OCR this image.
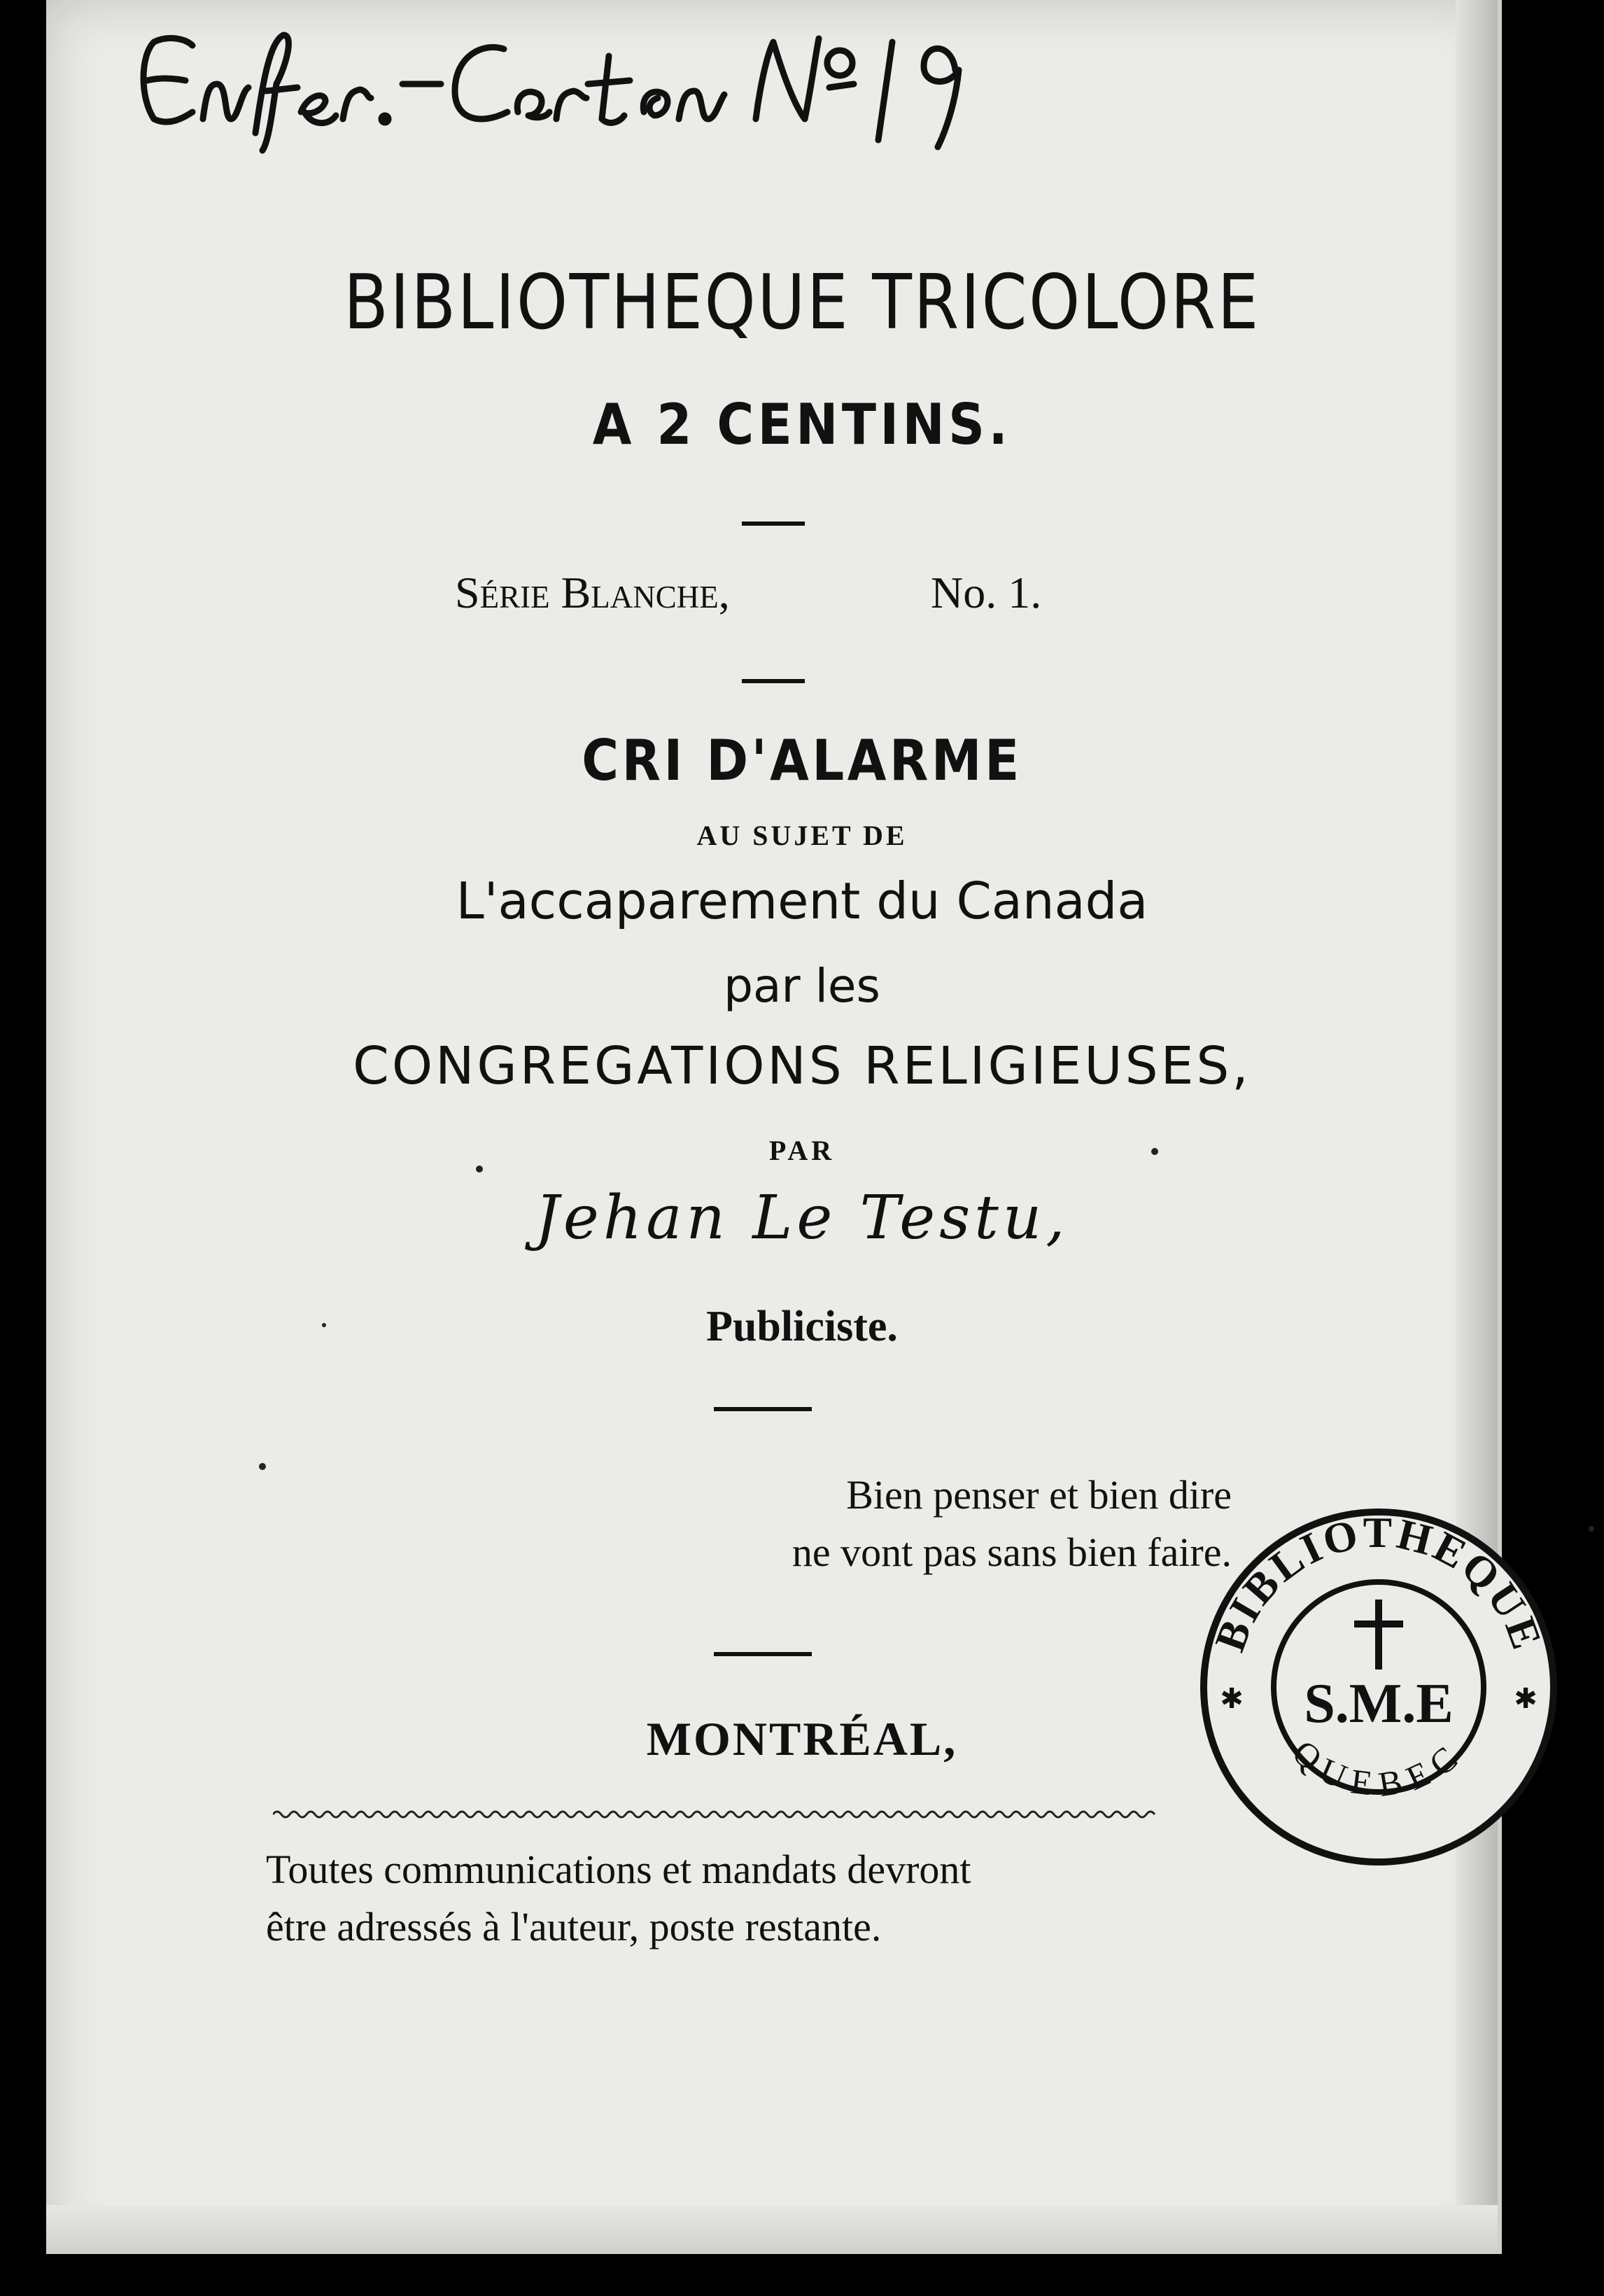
BIBLIOTHEQUE TRICOLORE
A 2 CENTINS.
Série Blanche,	No. 1.
CRI D'ALARME
AU SUJET DE
L'accaparement du Canada
par les
CONGREGATIONS RELIGIEUSES,
PAR
Jehan Le Testu,
Publiciste.
Bien penser et bien dire
ne vont pas sans bien faire.
MONTRÉAL,
Toutes communications et mandats devront
être adressés à l'auteur, poste restante.
BIBLIOTHEQUE
QUEBEC
✱	✱
S.M.E
